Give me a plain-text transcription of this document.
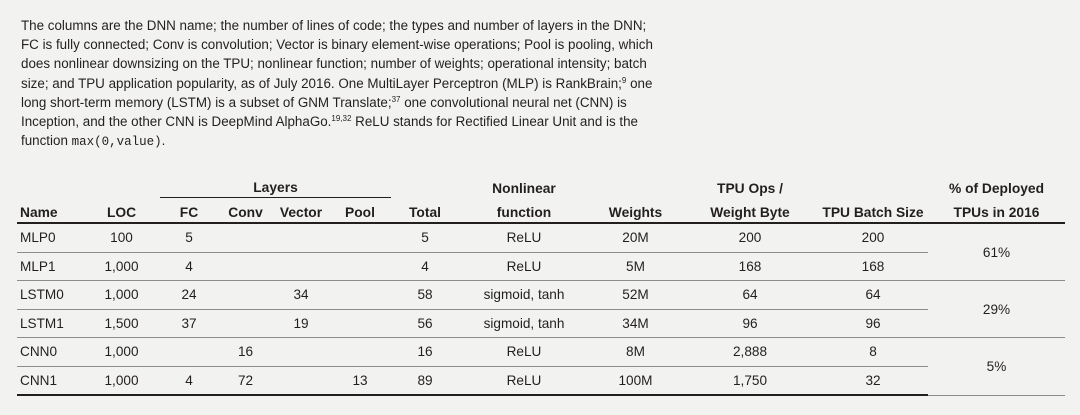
The columns are the DNN name; the number of lines of code; the types and number of layers in the DNN; FC is fully connected; Conv is convolution; Vector is binary element-wise operations; Pool is pooling, which does nonlinear downsizing on the TPU; nonlinear function; number of weights; operational intensity; batch size; and TPU application popularity, as of July 2016. One MultiLayer Perceptron (MLP) is RankBrain;$^9$ one long short-term memory (LSTM) is a subset of GNM Translate;$^{37}$ one convolutional neural net (CNN) is Inception, and the other CNN is DeepMind AlphaGo.$^{19,32}$ ReLU stands for Rectified Linear Unit and is the function max(0,value).
		Layers					Nonlinear		TPU Ops /		% of Deployed
Name	LOC	FC	Conv	Vector	Pool	Total	function	Weights	Weight Byte	TPU Batch Size	TPUs in 2016
MLP0	100	5				5	ReLU	20M	200	200	61%
MLP1	1,000	4				4	ReLU	5M	168	168	
LSTM0	1,000	24		34		58	sigmoid, tanh	52M	64	64	29%
LSTM1	1,500	37		19		56	sigmoid, tanh	34M	96	96	
CNN0	1,000		16			16	ReLU	8M	2,888	8	5%
CNN1	1,000	4	72		13	89	ReLU	100M	1,750	32	
